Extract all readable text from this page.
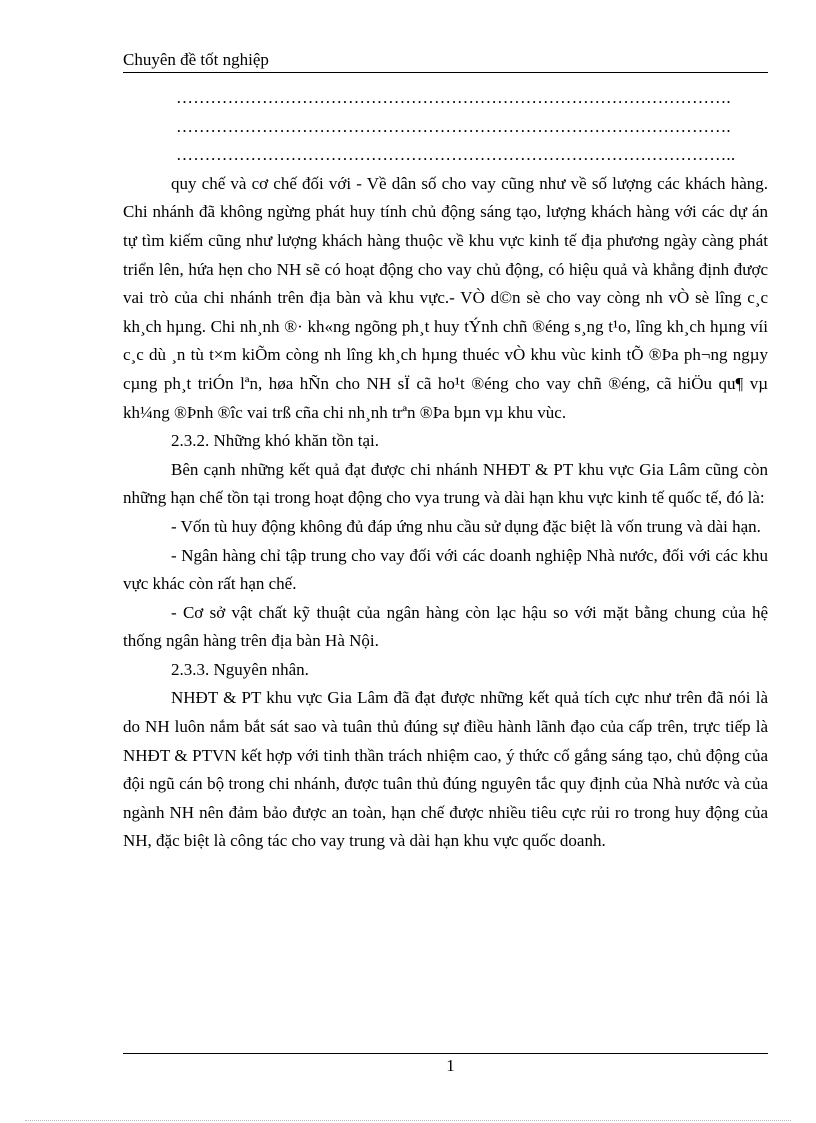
Chuyên đề tốt nghiệp

…………………………………………………………………………………….

…………………………………………………………………………………….

……………………………………………………………………………………..

quy chế và cơ chế đối với - Về dân số cho vay cũng như về số lượng các khách hàng. Chi nhánh đã không ngừng phát huy tính chủ động sáng tạo, lượng khách hàng với các dự án tự tìm kiếm cũng như lượng khách hàng thuộc về khu vực kinh tế địa phương ngày càng phát triển lên, hứa hẹn cho NH sẽ có hoạt động cho vay chủ động, có hiệu quả và khẳng định được vai trò của chi nhánh trên địa bàn và khu vực.- VÒ d©n sè cho vay còng nh vÒ sè lîng c¸c kh¸ch hµng. Chi nh¸nh ®· kh«ng ngõng ph¸t huy tÝnh chñ ®éng s¸ng t¹o, lîng kh¸ch hµng víi c¸c dù ¸n tù t×m kiÕm còng nh lîng kh¸ch hµng thuéc vÒ khu vùc kinh tÕ ®Þa ph¬ng ngµy cµng ph¸t triÓn lªn, høa hÑn cho NH sÏ cã ho¹t ®éng cho vay chñ ®éng, cã hiÖu qu¶ vµ kh¼ng ®Þnh ®îc vai trß cña chi nh¸nh trªn ®Þa bµn vµ khu vùc.

2.3.2. Những khó khăn tồn tại.

Bên cạnh những kết quả đạt được chi nhánh NHĐT & PT khu vực Gia Lâm cũng còn những hạn chế tồn tại trong hoạt động cho vya trung và dài hạn khu vực kinh tế quốc tế, đó là:

- Vốn tù huy động không đủ đáp ứng nhu cầu sử dụng đặc biệt là vốn trung và dài hạn.

- Ngân hàng chỉ tập trung cho vay đối với các doanh nghiệp Nhà nước, đối với các khu vực khác còn rất hạn chế.

- Cơ sở vật chất kỹ thuật của ngân hàng còn lạc hậu so với mặt bằng chung của hệ thống ngân hàng trên địa bàn Hà Nội.

2.3.3. Nguyên nhân.

NHĐT & PT khu vực Gia Lâm đã đạt được những kết quả tích cực như trên đã nói là do NH luôn nắm bắt sát sao và tuân thủ đúng sự điều hành lãnh đạo của cấp trên, trực tiếp là NHĐT & PTVN kết hợp với tinh thần trách nhiệm cao, ý thức cố gắng sáng tạo, chủ động của đội ngũ cán bộ trong chi nhánh, được tuân thủ đúng nguyên tắc quy định của Nhà nước và của ngành NH nên đảm bảo được an toàn, hạn chế được nhiều tiêu cực rủi ro trong huy động của NH, đặc biệt là công tác cho vay trung và dài hạn khu vực quốc doanh.

1
